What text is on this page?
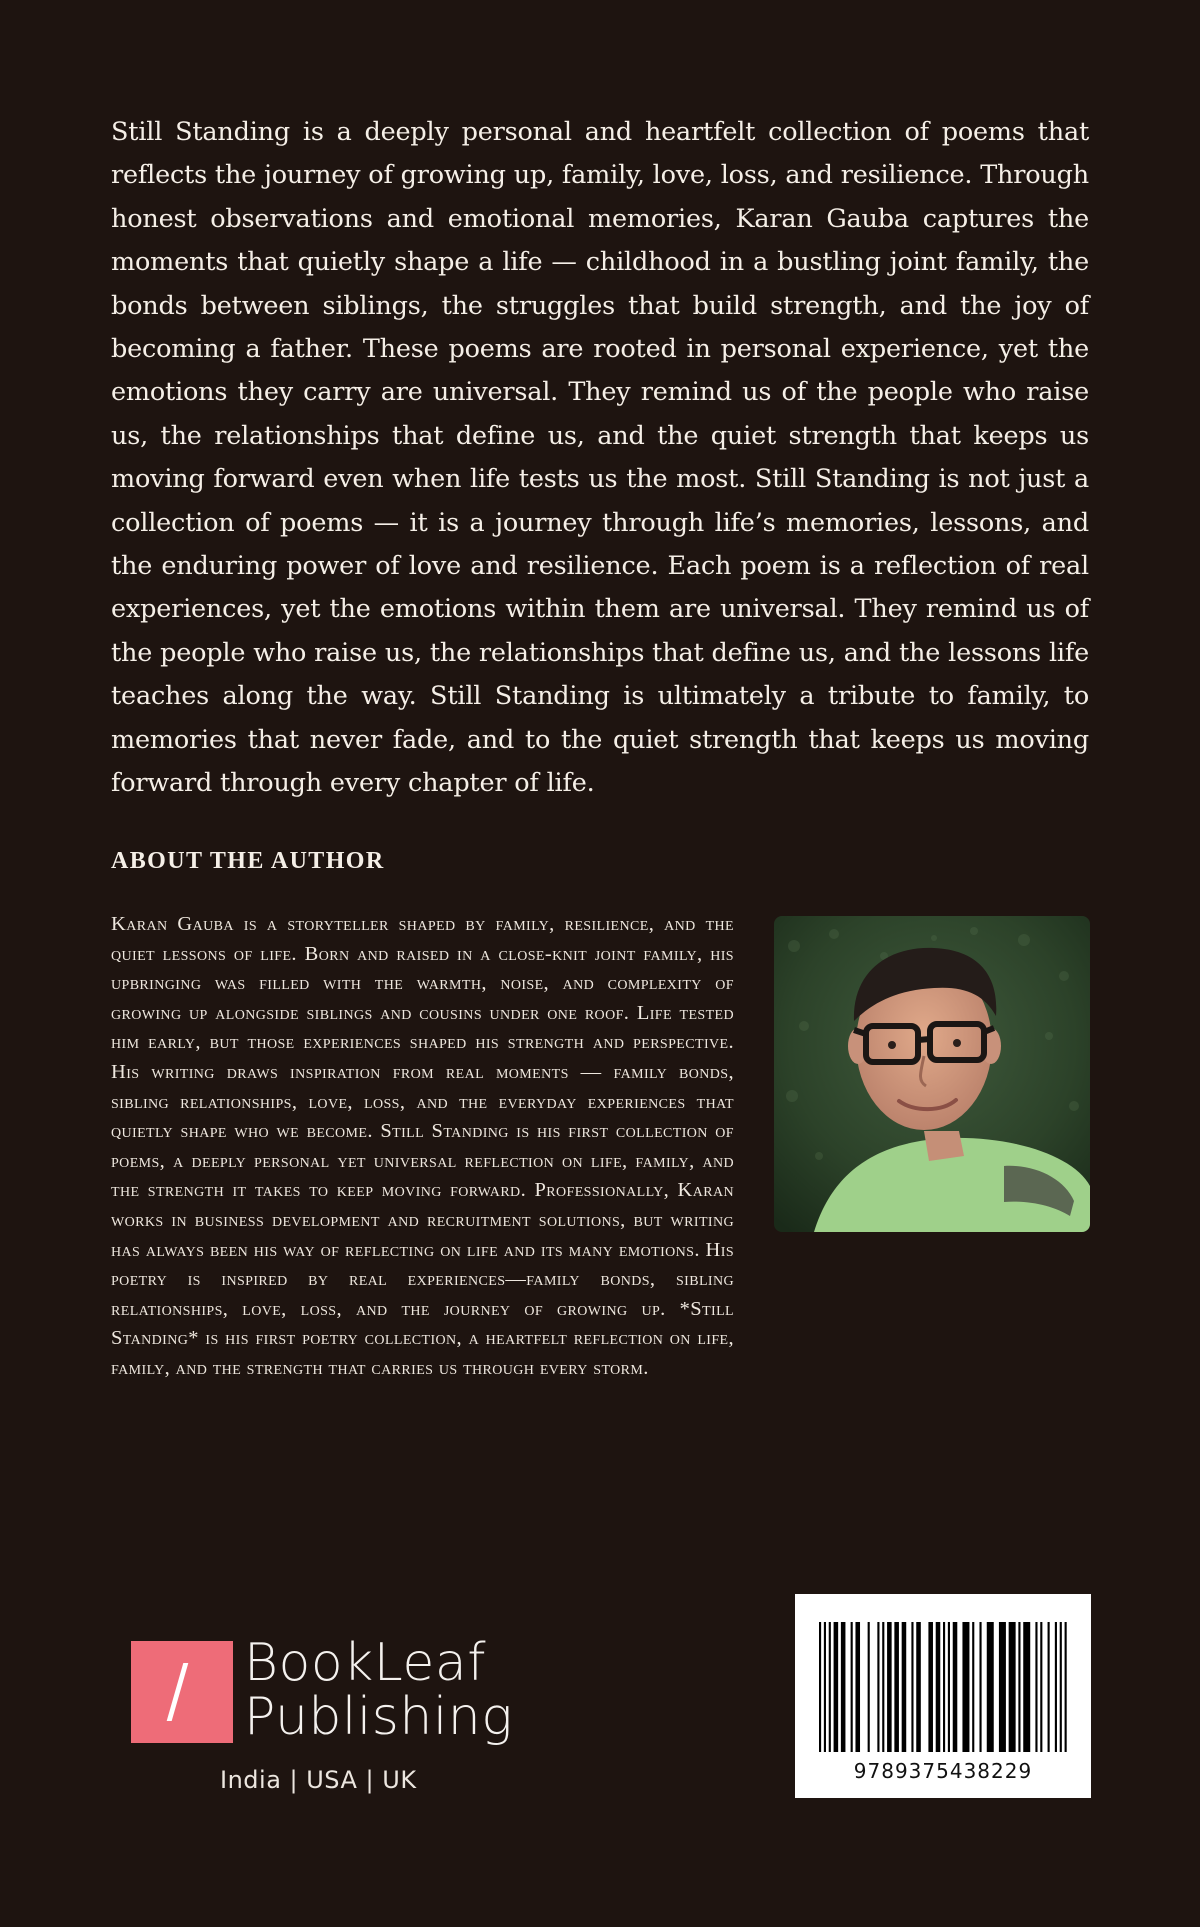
Still Standing is a deeply personal and heartfelt collection of poems that reflects the journey of growing up, family, love, loss, and resilience. Through honest observations and emotional memories, Karan Gauba captures the moments that quietly shape a life — childhood in a bustling joint family, the bonds between siblings, the struggles that build strength, and the joy of becoming a father. These poems are rooted in personal experience, yet the emotions they carry are universal. They remind us of the people who raise us, the relationships that define us, and the quiet strength that keeps us moving forward even when life tests us the most. Still Standing is not just a collection of poems — it is a journey through life’s memories, lessons, and the enduring power of love and resilience. Each poem is a reflection of real experiences, yet the emotions within them are universal. They remind us of the people who raise us, the relationships that define us, and the lessons life teaches along the way. Still Standing is ultimately a tribute to family, to memories that never fade, and to the quiet strength that keeps us moving forward through every chapter of life.

ABOUT THE AUTHOR

Karan Gauba is a storyteller shaped by family, resilience, and the quiet lessons of life. Born and raised in a close-knit joint family, his upbringing was filled with the warmth, noise, and complexity of growing up alongside siblings and cousins under one roof. Life tested him early, but those experiences shaped his strength and perspective. His writing draws inspiration from real moments — family bonds, sibling relationships, love, loss, and the everyday experiences that quietly shape who we become. Still Standing is his first collection of poems, a deeply personal yet universal reflection on life, family, and the strength it takes to keep moving forward. Professionally, Karan works in business development and recruitment solutions, but writing has always been his way of reflecting on life and its many emotions. His poetry is inspired by real experiences—family bonds, sibling relationships, love, loss, and the journey of growing up. *Still Standing* is his first poetry collection, a heartfelt reflection on life, family, and the strength that carries us through every storm.

BookLeaf
Publishing
India | USA | UK	9789375438229
